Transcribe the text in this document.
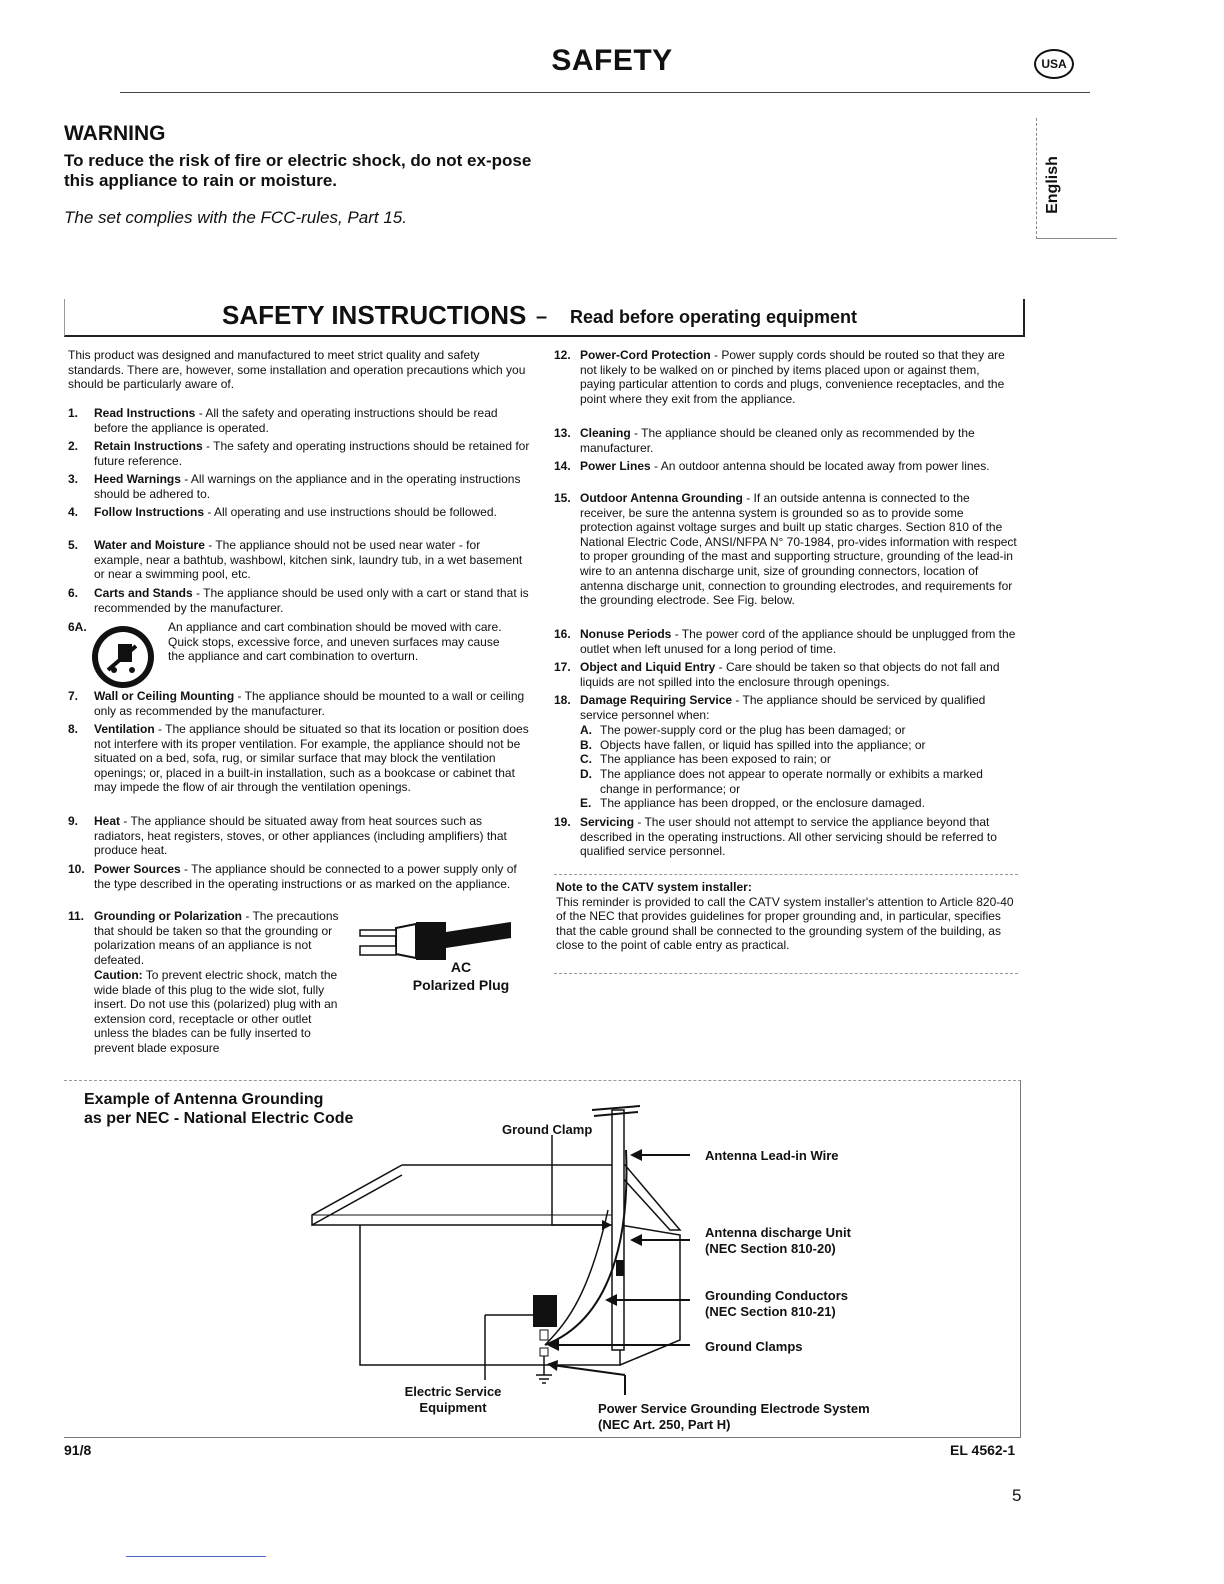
SAFETY	USA
English
WARNING
To reduce the risk of fire or electric shock, do not ex-pose this appliance to rain or moisture.
The set complies with the FCC-rules, Part 15.
SAFETY INSTRUCTIONS – Read before operating equipment
This product was designed and manufactured to meet strict quality and safety standards. There are, however, some installation and operation precautions which you should be particularly aware of.
1. Read Instructions - All the safety and operating instructions should be read before the appliance is operated.
2. Retain Instructions - The safety and operating instructions should be retained for future reference.
3. Heed Warnings - All warnings on the appliance and in the operating instructions should be adhered to.
4. Follow Instructions - All operating and use instructions should be followed.
5. Water and Moisture - The appliance should not be used near water - for example, near a bathtub, washbowl, kitchen sink, laundry tub, in a wet basement or near a swimming pool, etc.
6. Carts and Stands - The appliance should be used only with a cart or stand that is recommended by the manufacturer.
6A.	An appliance and cart combination should be moved with care. Quick stops, excessive force, and uneven surfaces may cause the appliance and cart combination to overturn.
7. Wall or Ceiling Mounting - The appliance should be mounted to a wall or ceiling only as recommended by the manufacturer.
8. Ventilation - The appliance should be situated so that its location or position does not interfere with its proper ventilation. For example, the appliance should not be situated on a bed, sofa, rug, or similar surface that may block the ventilation openings; or, placed in a built-in installation, such as a bookcase or cabinet that may impede the flow of air through the ventilation openings.
9. Heat - The appliance should be situated away from heat sources such as radiators, heat registers, stoves, or other appliances (including amplifiers) that produce heat.
10. Power Sources - The appliance should be connected to a power supply only of the type described in the operating instructions or as marked on the appliance.
11. Grounding or Polarization - The precautions that should be taken so that the grounding or polarization means of an appliance is not defeated.
Caution: To prevent electric shock, match the wide blade of this plug to the wide slot, fully insert. Do not use this (polarized) plug with an extension cord, receptacle or other outlet unless the blades can be fully inserted to prevent blade exposure
AC
Polarized Plug
12. Power-Cord Protection - Power supply cords should be routed so that they are not likely to be walked on or pinched by items placed upon or against them, paying particular attention to cords and plugs, convenience receptacles, and the point where they exit from the appliance.
13. Cleaning - The appliance should be cleaned only as recommended by the manufacturer.
14. Power Lines - An outdoor antenna should be located away from power lines.
15. Outdoor Antenna Grounding - If an outside antenna is connected to the receiver, be sure the antenna system is grounded so as to provide some protection against voltage surges and built up static charges. Section 810 of the National Electric Code, ANSI/NFPA N° 70-1984, pro-vides information with respect to proper grounding of the mast and supporting structure, grounding of the lead-in wire to an antenna discharge unit, size of grounding connectors, location of antenna discharge unit, connection to grounding electrodes, and requirements for the grounding electrode. See Fig. below.
16. Nonuse Periods - The power cord of the appliance should be unplugged from the outlet when left unused for a long period of time.
17. Object and Liquid Entry - Care should be taken so that objects do not fall and liquids are not spilled into the enclosure through openings.
18. Damage Requiring Service - The appliance should be serviced by qualified service personnel when:
A. The power-supply cord or the plug has been damaged; or
B. Objects have fallen, or liquid has spilled into the appliance; or
C. The appliance has been exposed to rain; or
D. The appliance does not appear to operate normally or exhibits a marked change in performance; or
E. The appliance has been dropped, or the enclosure damaged.
19. Servicing - The user should not attempt to service the appliance beyond that described in the operating instructions. All other servicing should be referred to qualified service personnel.
Note to the CATV system installer:
This reminder is provided to call the CATV system installer's attention to Article 820-40 of the NEC that provides guidelines for proper grounding and, in particular, specifies that the cable ground shall be connected to the grounding system of the building, as close to the point of cable entry as practical.
Example of Antenna Grounding
as per NEC - National Electric Code
Ground Clamp
Antenna Lead-in Wire
Antenna discharge Unit
(NEC Section 810-20)
Grounding Conductors
(NEC Section 810-21)
Ground Clamps
Electric Service
Equipment	Power Service Grounding Electrode System
(NEC Art. 250, Part H)
91/8	EL 4562-1
5
